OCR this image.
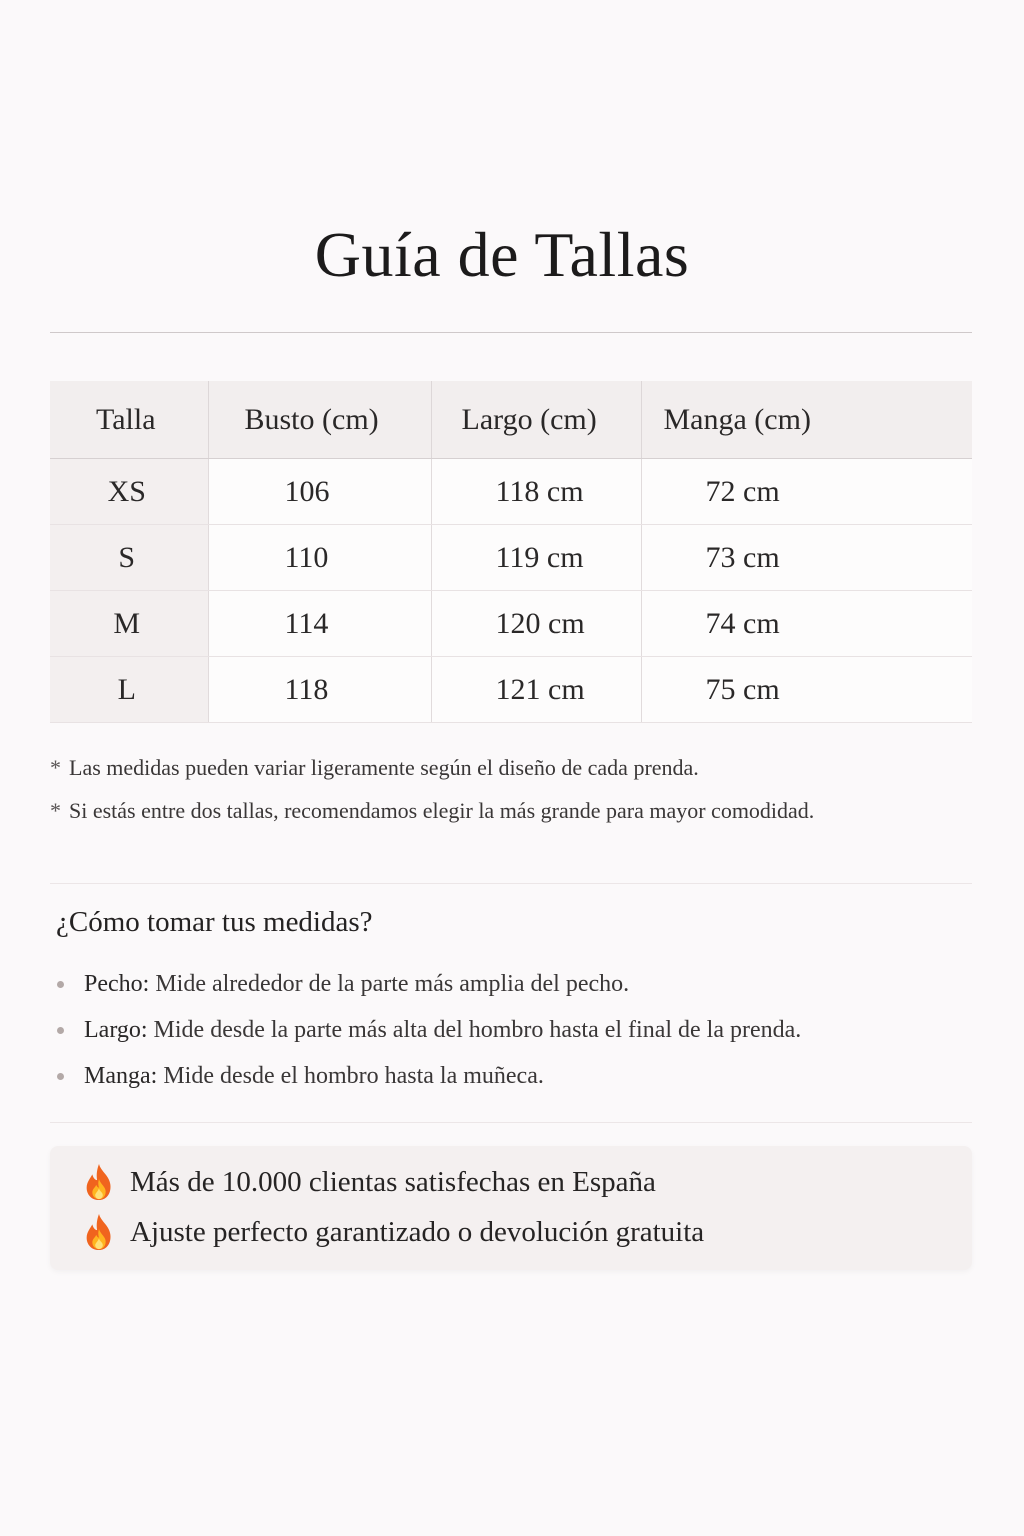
Guía de Tallas
Talla	Busto (cm)	Largo (cm)	Manga (cm)

XS	106	118 cm	72 cm
S	110	119 cm	73 cm
M	114	120 cm	74 cm
L	118	121 cm	75 cm
* Las medidas pueden variar ligeramente según el diseño de cada prenda.
* Si estás entre dos tallas, recomendamos elegir la más grande para mayor comodidad.
¿Cómo tomar tus medidas?
Pecho: Mide alrededor de la parte más amplia del pecho.
Largo: Mide desde la parte más alta del hombro hasta el final de la prenda.
Manga: Mide desde el hombro hasta la muñeca.
Más de 10.000 clientas satisfechas en España
Ajuste perfecto garantizado o devolución gratuita
